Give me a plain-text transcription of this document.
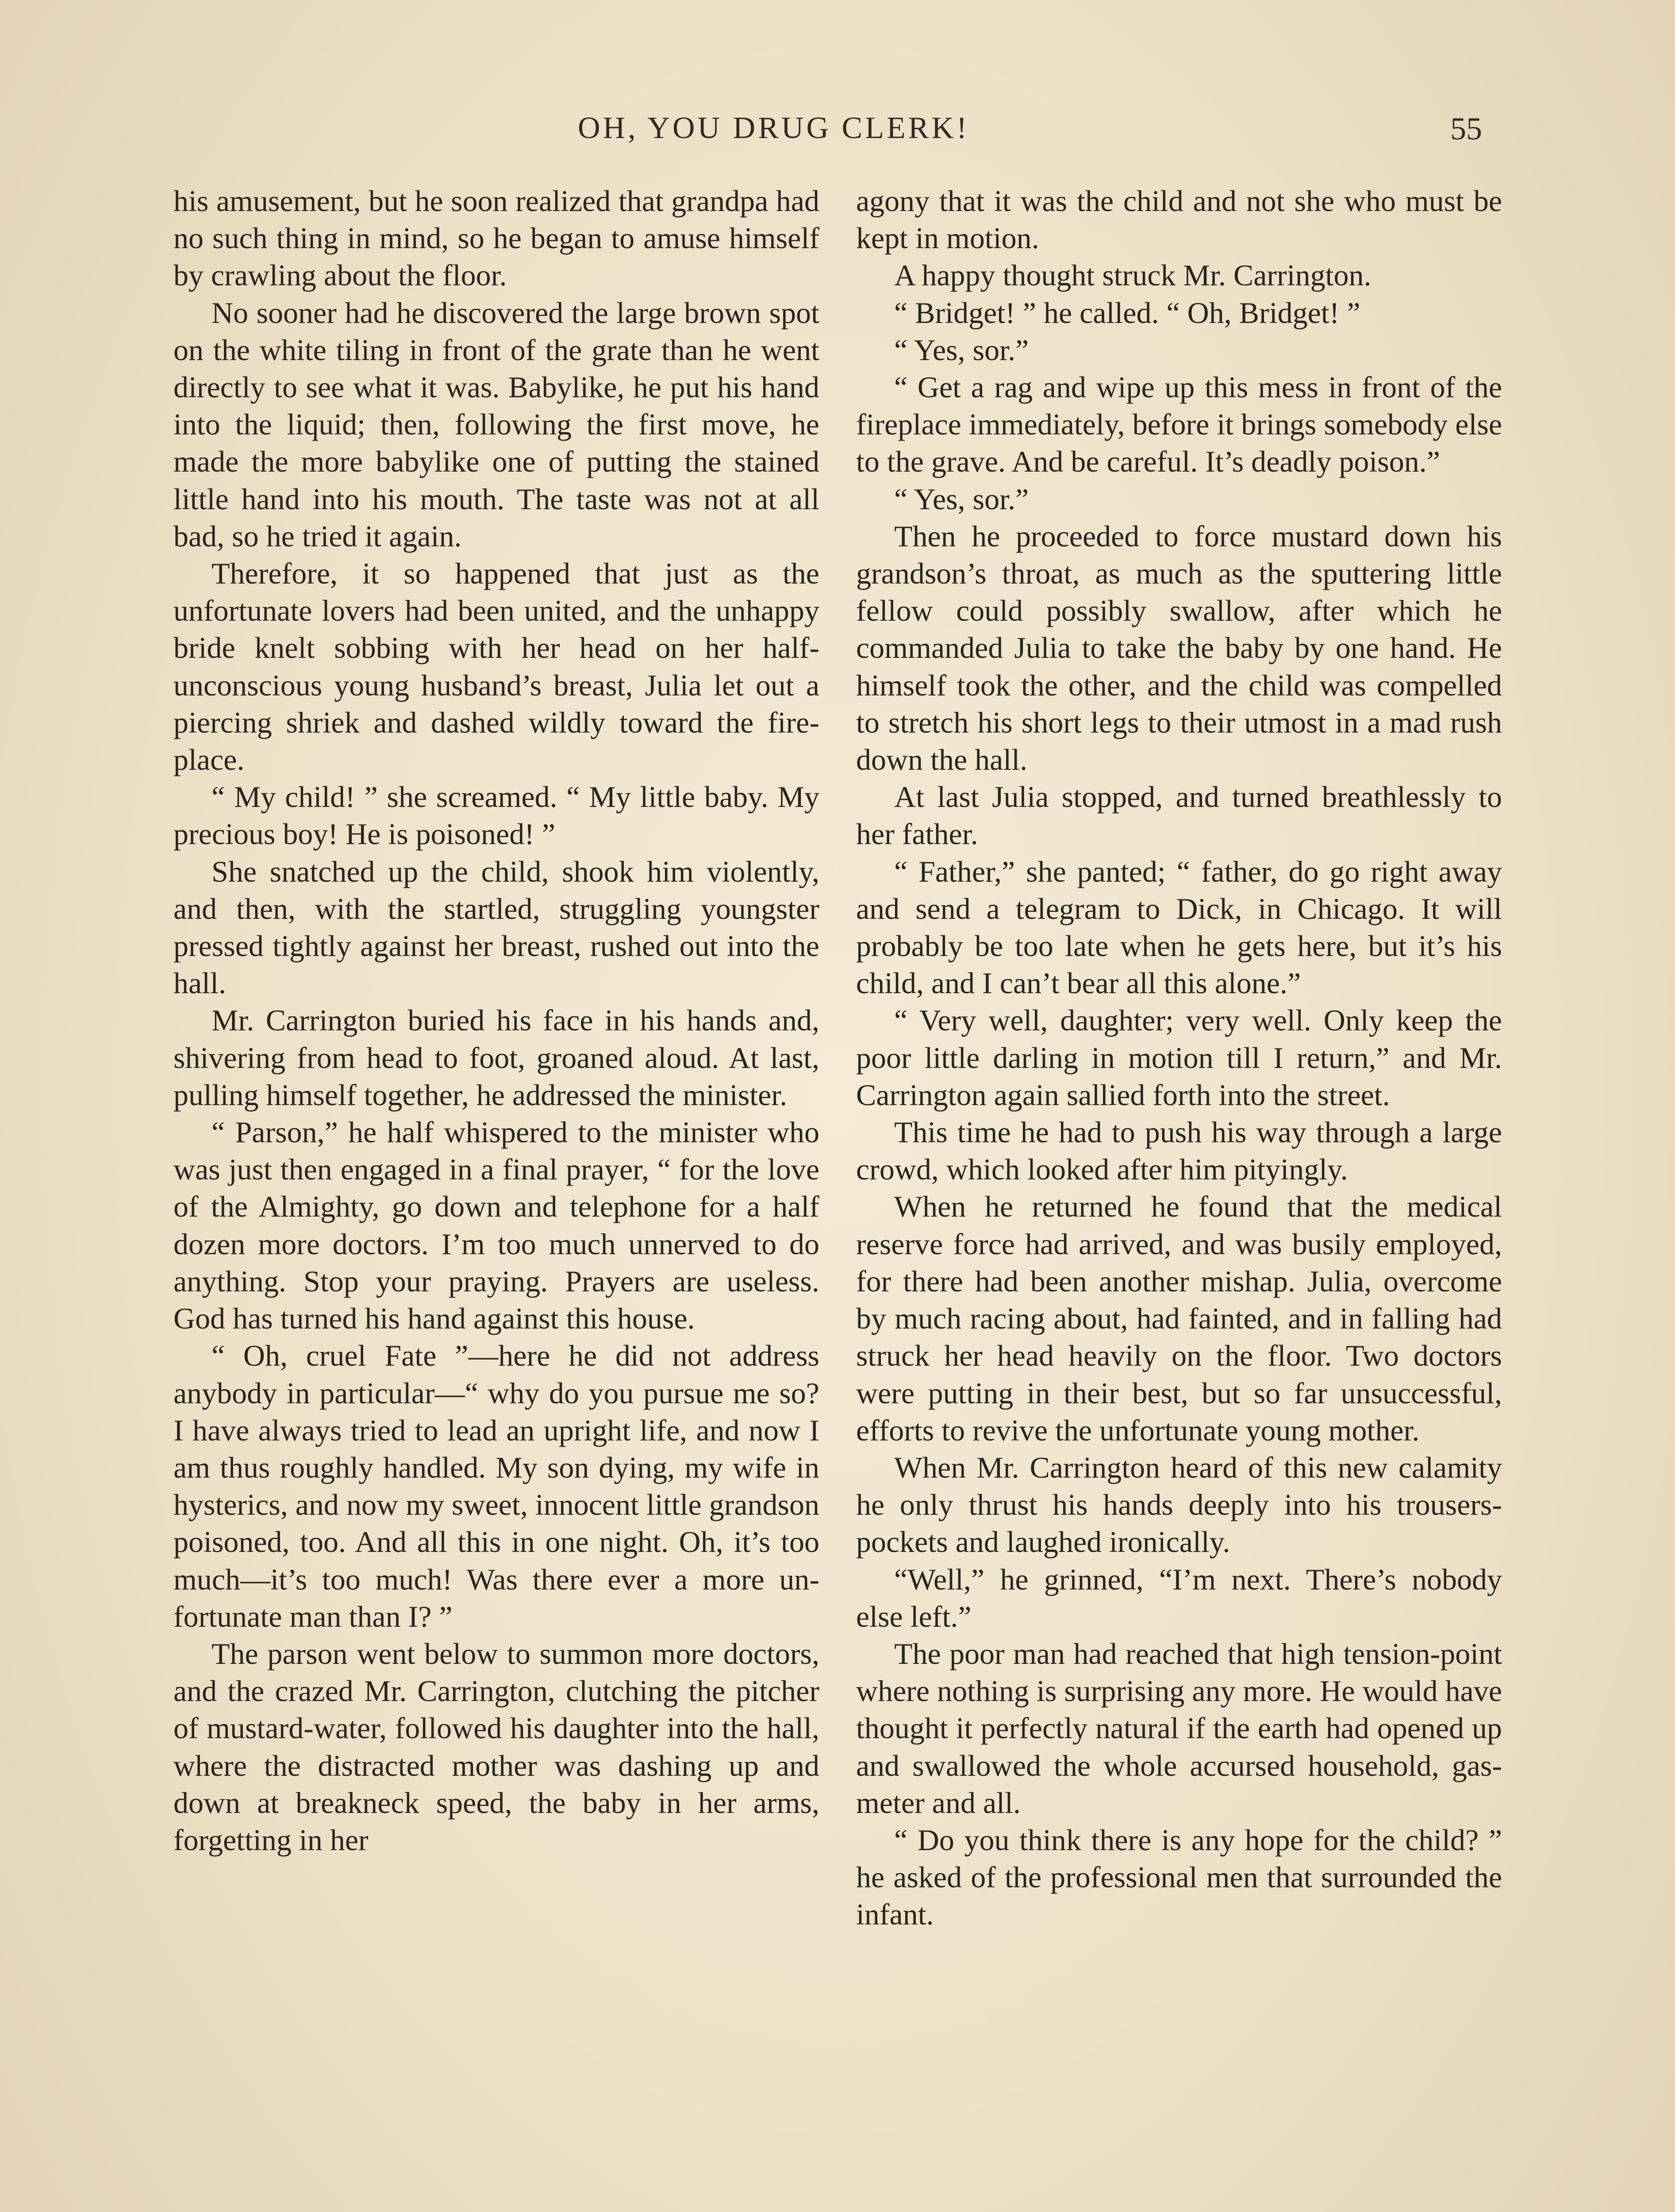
OH, YOU DRUG CLERK!	55

his amusement, but he soon realized that grandpa had no such thing in mind, so he began to amuse himself by crawling about the floor.

No sooner had he discovered the large brown spot on the white tiling in front of the grate than he went directly to see what it was. Babylike, he put his hand into the liquid; then, following the first move, he made the more babylike one of putting the stained little hand into his mouth. The taste was not at all bad, so he tried it again.

Therefore, it so happened that just as the unfortunate lovers had been united, and the unhappy bride knelt sobbing with her head on her half-unconscious young husband’s breast, Julia let out a piercing shriek and dashed wildly toward the fireplace.

“ My child! ” she screamed. “ My little baby. My precious boy! He is poisoned! ”

She snatched up the child, shook him violently, and then, with the startled, struggling youngster pressed tightly against her breast, rushed out into the hall.

Mr. Carrington buried his face in his hands and, shivering from head to foot, groaned aloud. At last, pulling himself together, he addressed the minister.

“ Parson,” he half whispered to the minister who was just then engaged in a final prayer, “ for the love of the Almighty, go down and telephone for a half dozen more doctors. I’m too much unnerved to do anything. Stop your praying. Prayers are useless. God has turned his hand against this house.

“ Oh, cruel Fate ”—here he did not address anybody in particular—“ why do you pursue me so? I have always tried to lead an upright life, and now I am thus roughly handled. My son dying, my wife in hysterics, and now my sweet, innocent little grandson poisoned, too. And all this in one night. Oh, it’s too much—it’s too much! Was there ever a more unfortunate man than I? ”

The parson went below to summon more doctors, and the crazed Mr. Carrington, clutching the pitcher of mustard-water, followed his daughter into the hall, where the distracted mother was dashing up and down at breakneck speed, the baby in her arms, forgetting in her

agony that it was the child and not she who must be kept in motion.

A happy thought struck Mr. Carrington.

“ Bridget! ” he called. “ Oh, Bridget! ”

“ Yes, sor.”

“ Get a rag and wipe up this mess in front of the fireplace immediately, before it brings somebody else to the grave. And be careful. It’s deadly poison.”

“ Yes, sor.”

Then he proceeded to force mustard down his grandson’s throat, as much as the sputtering little fellow could possibly swallow, after which he commanded Julia to take the baby by one hand. He himself took the other, and the child was compelled to stretch his short legs to their utmost in a mad rush down the hall.

At last Julia stopped, and turned breathlessly to her father.

“ Father,” she panted; “ father, do go right away and send a telegram to Dick, in Chicago. It will probably be too late when he gets here, but it’s his child, and I can’t bear all this alone.”

“ Very well, daughter; very well. Only keep the poor little darling in motion till I return,” and Mr. Carrington again sallied forth into the street.

This time he had to push his way through a large crowd, which looked after him pityingly.

When he returned he found that the medical reserve force had arrived, and was busily employed, for there had been another mishap. Julia, overcome by much racing about, had fainted, and in falling had struck her head heavily on the floor. Two doctors were putting in their best, but so far unsuccessful, efforts to revive the unfortunate young mother.

When Mr. Carrington heard of this new calamity he only thrust his hands deeply into his trousers-pockets and laughed ironically.

“Well,” he grinned, “I’m next. There’s nobody else left.”

The poor man had reached that high tension-point where nothing is surprising any more. He would have thought it perfectly natural if the earth had opened up and swallowed the whole accursed household, gas-meter and all.

“ Do you think there is any hope for the child? ” he asked of the professional men that surrounded the infant.
